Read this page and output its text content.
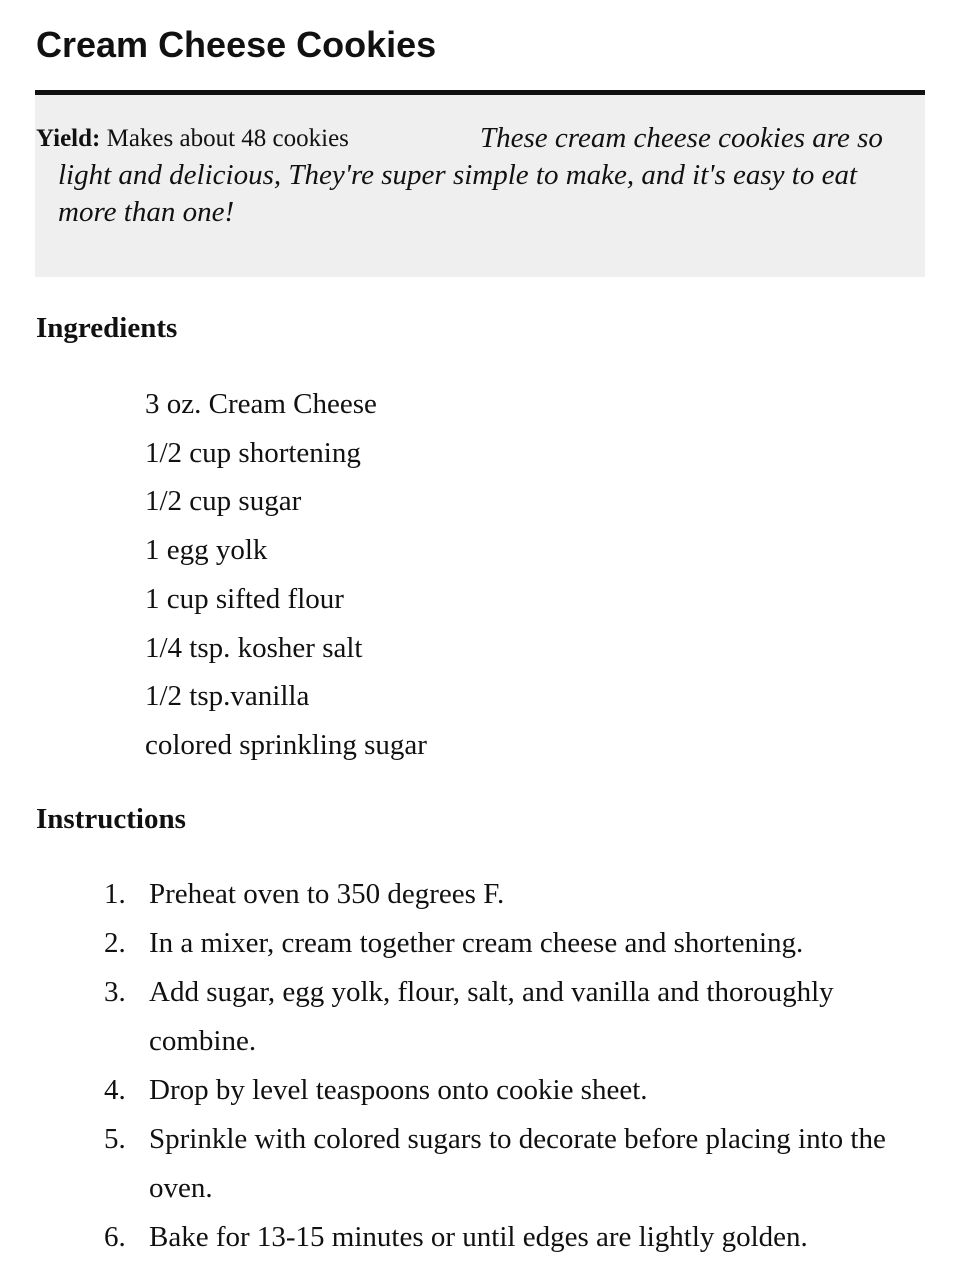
Cream Cheese Cookies

These cream cheese cookies are so light and delicious, They're super simple to make, and it's easy to eat more than one!

Yield: Makes about 48 cookies
Ingredients
3 oz. Cream Cheese
1/2 cup shortening
1/2 cup sugar
1 egg yolk
1 cup sifted flour
1/4 tsp. kosher salt
1/2 tsp.vanilla
colored sprinkling sugar
Instructions
1. Preheat oven to 350 degrees F.
2. In a mixer, cream together cream cheese and shortening.
3. Add sugar, egg yolk, flour, salt, and vanilla and thoroughly combine.
4. Drop by level teaspoons onto cookie sheet.
5. Sprinkle with colored sugars to decorate before placing into the oven.
6. Bake for 13-15 minutes or until edges are lightly golden.
